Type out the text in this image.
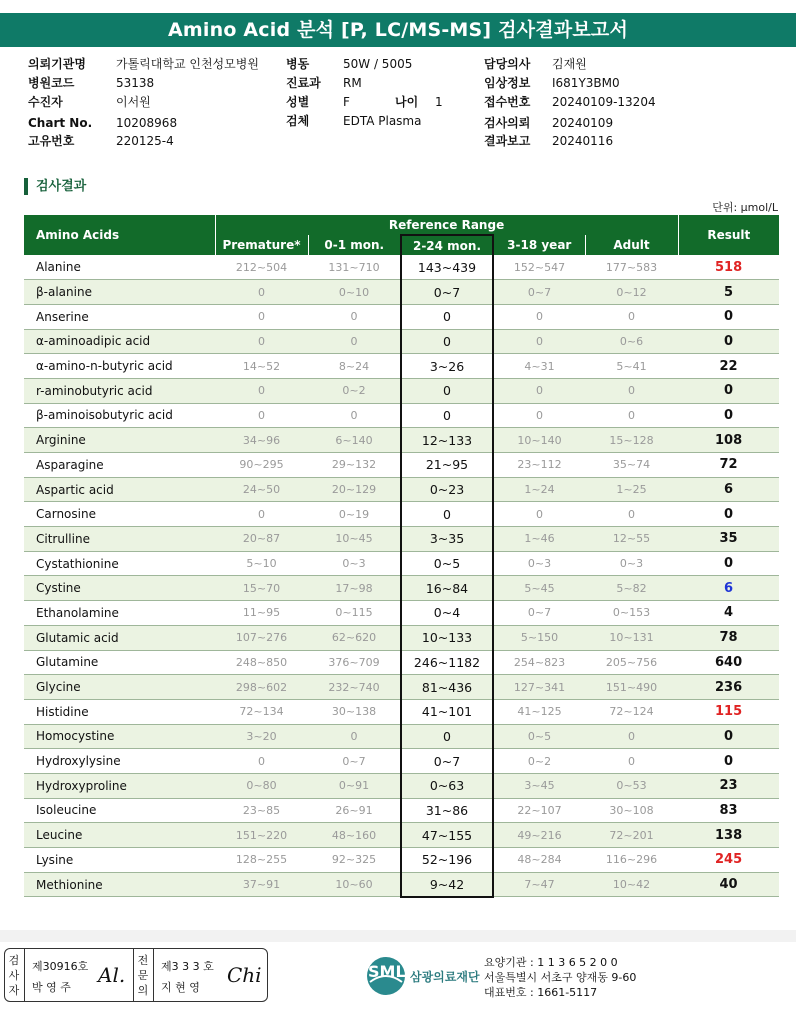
Amino Acid 분석 [P, LC/MS-MS] 검사결과보고서
의뢰기관명	가톨릭대학교 인천성모병원
병원코드	53138
수진자	이서원
Chart No. 10208968
고유번호	220125-4
병동	50W / 5005
진료과 RM
성별	F	나이 1
검체	EDTA Plasma
담당의사 김재원
임상정보 I681Y3BM0
접수번호 20240109-13204
검사의뢰 20240109
결과보고 20240116
검사결과
단위: μmol/L
Amino Acids	Reference Range					Result
	Premature*	0-1 mon.	2-24 mon.	3-18 year	Adult	
Alanine	212~504	131~710	143~439	152~547	177~583	518
β-alanine	0	0~10	0~7	0~7	0~12	5
Anserine	0	0	0	0	0	0
α-aminoadipic acid	0	0	0	0	0~6	0
α-amino-n-butyric acid	14~52	8~24	3~26	4~31	5~41	22
r-aminobutyric acid	0	0~2	0	0	0	0
β-aminoisobutyric acid	0	0	0	0	0	0
Arginine	34~96	6~140	12~133	10~140	15~128	108
Asparagine	90~295	29~132	21~95	23~112	35~74	72
Aspartic acid	24~50	20~129	0~23	1~24	1~25	6
Carnosine	0	0~19	0	0	0	0
Citrulline	20~87	10~45	3~35	1~46	12~55	35
Cystathionine	5~10	0~3	0~5	0~3	0~3	0
Cystine	15~70	17~98	16~84	5~45	5~82	6
Ethanolamine	11~95	0~115	0~4	0~7	0~153	4
Glutamic acid	107~276	62~620	10~133	5~150	10~131	78
Glutamine	248~850	376~709	246~1182	254~823	205~756	640
Glycine	298~602	232~740	81~436	127~341	151~490	236
Histidine	72~134	30~138	41~101	41~125	72~124	115
Homocystine	3~20	0	0	0~5	0	0
Hydroxylysine	0	0~7	0~7	0~2	0	0
Hydroxyproline	0~80	0~91	0~63	3~45	0~53	23
Isoleucine	23~85	26~91	31~86	22~107	30~108	83
Leucine	151~220	48~160	47~155	49~216	72~201	138
Lysine	128~255	92~325	52~196	48~284	116~296	245
Methionine	37~91	10~60	9~42	7~47	10~42	40
검
사
자
제30916호
박 영 주
Al.
전
문
의
제3 3 3 호
지 현 영
Chi	SML 삼광의료재단
요양기관 : 1 1 3 6 5 2 0 0
서울특별시 서초구 양재동 9-60
대표번호 : 1661-5117
